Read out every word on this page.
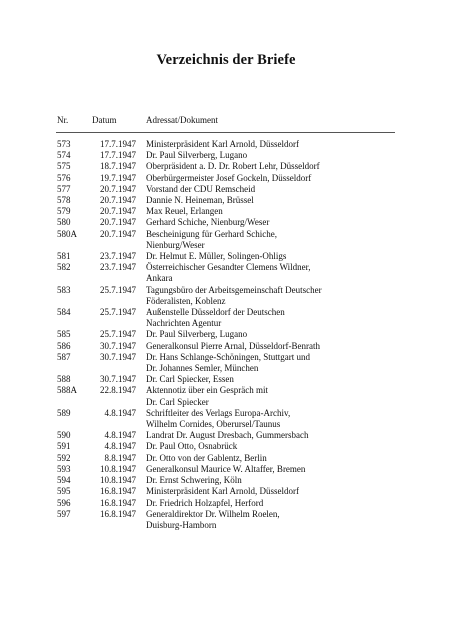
Verzeichnis der Briefe
Nr.	Datum	Adressat/Dokument
573	17.7.1947 Ministerpräsident Karl Arnold, Düsseldorf
574	17.7.1947 Dr. Paul Silverberg, Lugano
575	18.7.1947 Oberpräsident a. D. Dr. Robert Lehr, Düsseldorf
576	19.7.1947 Oberbürgermeister Josef Gockeln, Düsseldorf
577	20.7.1947 Vorstand der CDU Remscheid
578	20.7.1947 Dannie N. Heineman, Brüssel
579	20.7.1947 Max Reuel, Erlangen
580	20.7.1947 Gerhard Schiche, Nienburg/Weser
580A	20.7.1947 Bescheinigung für Gerhard Schiche,
Nienburg/Weser
581	23.7.1947 Dr. Helmut E. Müller, Solingen-Ohligs
582	23.7.1947 Österreichischer Gesandter Clemens Wildner,
Ankara
583	25.7.1947 Tagungsbüro der Arbeitsgemeinschaft Deutscher
Föderalisten, Koblenz
584	25.7.1947 Außenstelle Düsseldorf der Deutschen
Nachrichten Agentur
585	25.7.1947 Dr. Paul Silverberg, Lugano
586	30.7.1947 Generalkonsul Pierre Arnal, Düsseldorf-Benrath
587	30.7.1947 Dr. Hans Schlange-Schöningen, Stuttgart und
Dr. Johannes Semler, München
588	30.7.1947 Dr. Carl Spiecker, Essen
588A	22.8.1947 Aktennotiz über ein Gespräch mit
Dr. Carl Spiecker
589	4.8.1947 Schriftleiter des Verlags Europa-Archiv,
Wilhelm Cornides, Oberursel/Taunus
590	4.8.1947 Landrat Dr. August Dresbach, Gummersbach
591	4.8.1947 Dr. Paul Otto, Osnabrück
592	8.8.1947 Dr. Otto von der Gablentz, Berlin
593	10.8.1947 Generalkonsul Maurice W. Altaffer, Bremen
594	10.8.1947 Dr. Ernst Schwering, Köln
595	16.8.1947 Ministerpräsident Karl Arnold, Düsseldorf
596	16.8.1947 Dr. Friedrich Holzapfel, Herford
597	16.8.1947 Generaldirektor Dr. Wilhelm Roelen,
Duisburg-Hamborn
